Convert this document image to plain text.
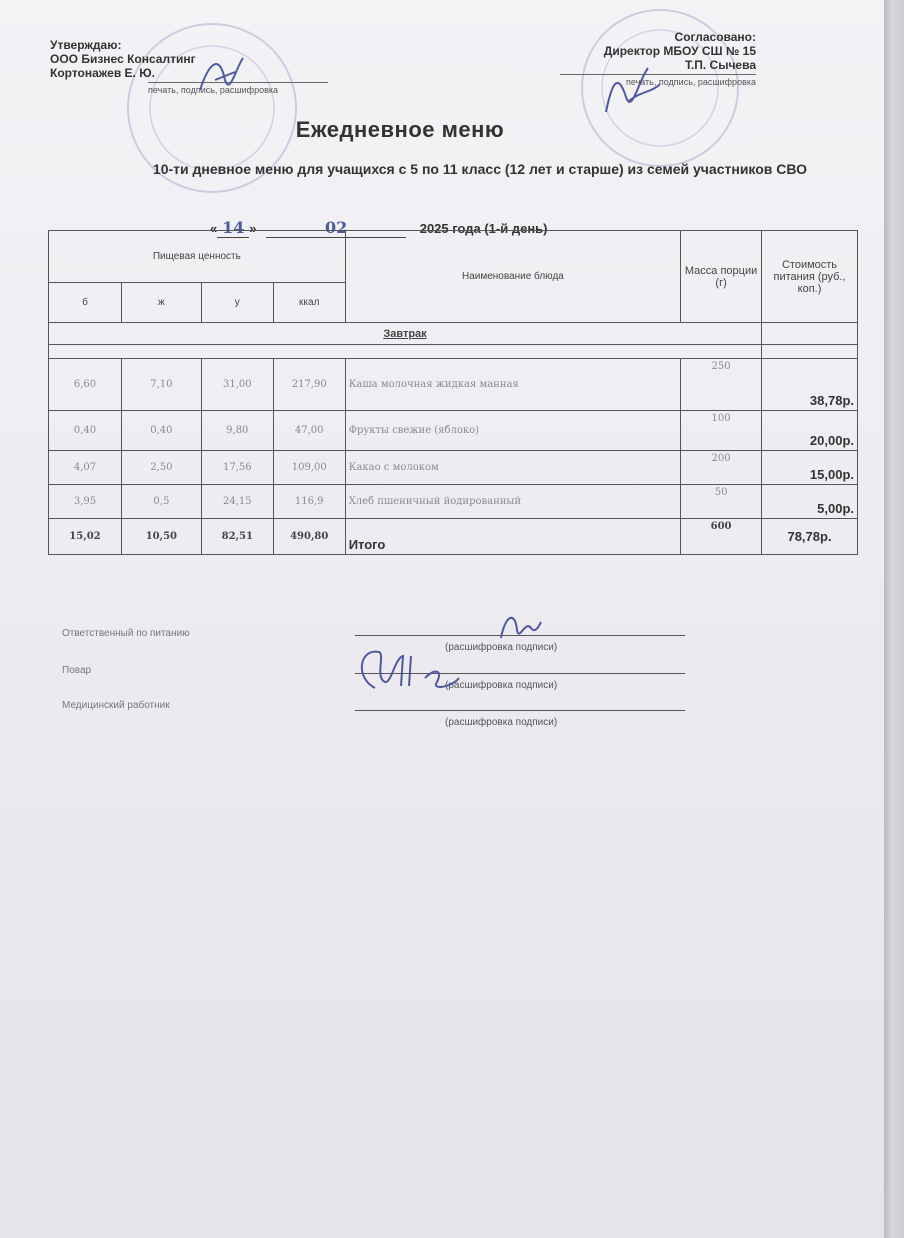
Утверждаю:
ООО Бизнес Консалтинг
Кортонажев Е. Ю.
печать, подпись, расшифровка
Согласовано:
Директор МБОУ СШ № 15
Т.П. Сычева
печать, подпись, расшифровка
Ежедневное меню
10-ти дневное меню для учащихся с 5 по 11 класс (12 лет и старше) из семей участников СВО
« 14 »	02	2025 года (1-й день)
Пищевая ценность				Наименование блюда	Масса порции (г)	Стоимость питания (руб., коп.)
б	ж	у	ккал			
Завтрак						

6,60	7,10	31,00	217,90	Каша молочная жидкая манная	250	38,78р.
0,40	0,40	9,80	47,00	Фрукты свежие (яблоко)	100	20,00р.
4,07	2,50	17,56	109,00	Какао с молоком	200	15,00р.
3,95	0,5	24,15	116,9	Хлеб пшеничный йодированный	50	5,00р.
15,02	10,50	82,51	490,80	Итого	600	78,78р.
Ответственный по питанию
(расшифровка подписи)
Повар
(расшифровка подписи)
Медицинский работник
(расшифровка подписи)
